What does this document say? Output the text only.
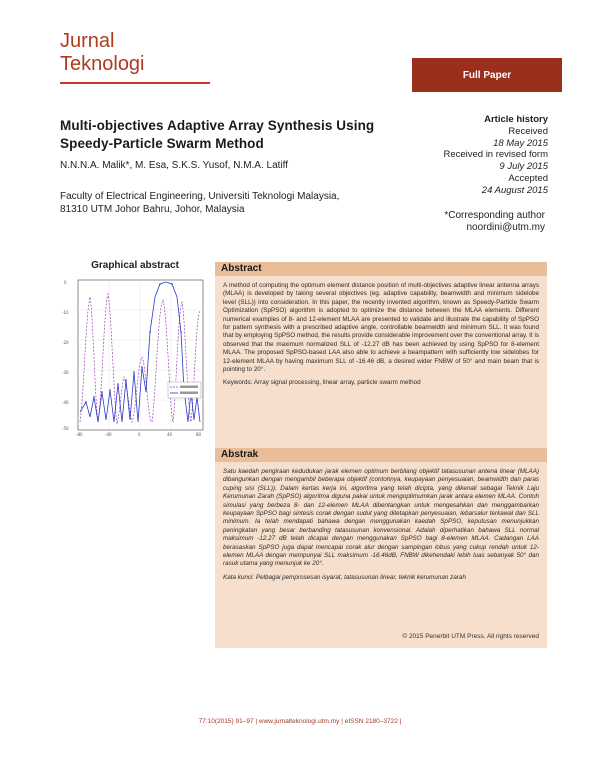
Jurnal
Teknologi	Full Paper
Multi-objectives Adaptive Array Synthesis Using
Speedy-Particle Swarm Method
N.N.N.A. Malik*, M. Esa, S.K.S. Yusof, N.M.A. Latiff
Faculty of Electrical Engineering, Universiti Teknologi Malaysia,
81310 UTM Johor Bahru, Johor, Malaysia
Article history
Received
18 May 2015
Received in revised form
9 July 2015
Accepted
24 August 2015
*Corresponding author
noordini@utm.my
Graphical abstract
0
-10
-20
-30
-40
-50
-80	-40	0	40	80
Abstract
A method of computing the optimum element distance position of multi-objectives adaptive linear antenna arrays (MLAA) is developed by taking several objectives (eg. adaptive capability, beamwidth and minimum sidelobe level (SLL)) into consideration. In this paper, the recently invented algorithm, known as Speedy-Particle Swarm Optimization (SpPSO) algorithm is adopted to optimize the distance between the MLAA elements. Different numerical examples of 8- and 12-element MLAA are presented to validate and illustrate the capability of SpPSO for pattern synthesis with a prescribed adaptive angle, controllable beamwidth and minimum SLL. It was found that by employing SpPSO method, the results provide considerable improvement over the conventional array. It is observed that the maximum normalized SLL of -12.27 dB has been achieved by using SpPSO for 8-element MLAA. The proposed SpPSO-based LAA also able to achieve a beampattern with sufficiently low sidelobes for 12-element MLAA by having maximum SLL of -16.46 dB, a desired wider FNBW of 50° and main beam that is pointing to 20°.
Keywords: Array signal processing, linear array, particle swarm method
Abstrak
Satu kaedah pengiraan kedudukan jarak elemen optimum berbilang objektif tatasusunan antena linear (MLAA) dibangunkan dengan mengambil beberapa objektif (contohnya, keupayaan penyesuaian, beamwidth dan paras cuping sisi (SLL)). Dalam kertas kerja ini, algoritma yang telah dicipta, yang dikenali sebagai Teknik Laju Kerumunan Zarah (SpPSO) algoritma diguna pakai untuk mengoptimumkan jarak antara elemen MLAA. Contoh simulasi yang berbeza 8- dan 12-elemen MLAA dibentangkan untuk mengesahkan dan menggambarkan keupayaan SpPSO bagi sintesis corak dengan sudut yang ditetapkan penyesuaian, lebarsalur terkawal dan SLL minimum. Ia telah mendapati bahawa dengan menggunakan kaedah SpPSO, keputusan menunjukkan peningkatan yang besar berbanding tatasusunan konvensional. Adalah diperhatikan bahawa SLL normal maksimum -12.27 dB telah dicapai dengan menggunakan SpPSO bagi 8-elemen MLAA. Cadangan LAA berasaskan SpPSO juga dapat mencapai corak alur dengan sampingan lobus yang cukup rendah untuk 12-elemen MLAA dengan mempunyai SLL maksimum -16.46dB, FNBW dikehendaki lebih luas sebanyak 50° dan rasuk utama yang menunjuk ke 20°.
Kata kunci: Pelbagai pemprosesan isyarat, tatasusunan linear, teknik kerumunan zarah
© 2015 Penerbit UTM Press. All rights reserved
77:10(2015) 91–97 | www.jurnalteknologi.utm.my | eISSN 2180–3722 |
